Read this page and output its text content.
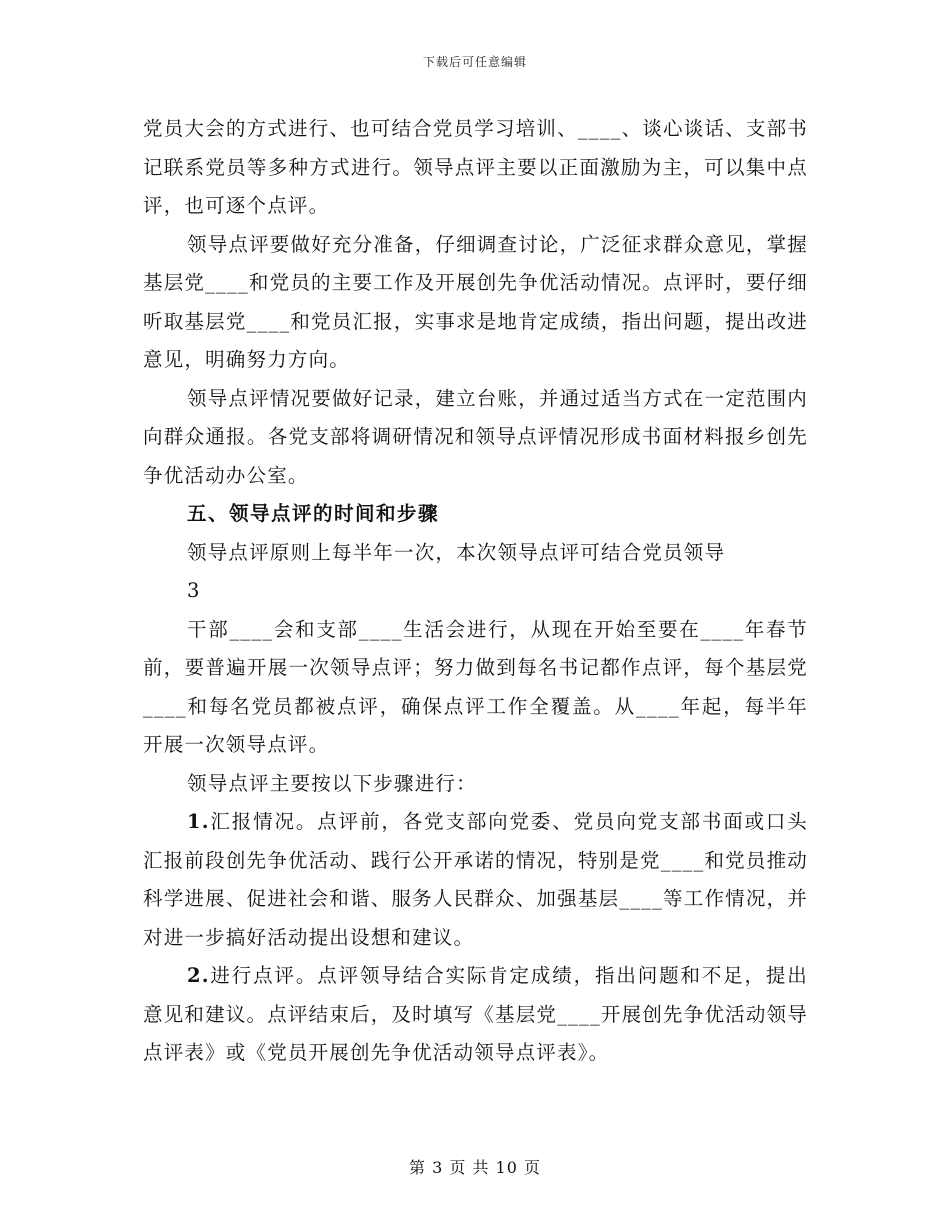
下载后可任意编辑

党员大会的方式进行、也可结合党员学习培训、____、谈心谈话、支部书记联系党员等多种方式进行。领导点评主要以正面激励为主，可以集中点评，也可逐个点评。

领导点评要做好充分准备，仔细调查讨论，广泛征求群众意见，掌握基层党____和党员的主要工作及开展创先争优活动情况。点评时，要仔细听取基层党____和党员汇报，实事求是地肯定成绩，指出问题，提出改进意见，明确努力方向。

领导点评情况要做好记录，建立台账，并通过适当方式在一定范围内向群众通报。各党支部将调研情况和领导点评情况形成书面材料报乡创先争优活动办公室。

五、领导点评的时间和步骤

领导点评原则上每半年一次，本次领导点评可结合党员领导

3

干部____会和支部____生活会进行，从现在开始至要在____年春节前，要普遍开展一次领导点评；努力做到每名书记都作点评，每个基层党____和每名党员都被点评，确保点评工作全覆盖。从____年起，每半年开展一次领导点评。

领导点评主要按以下步骤进行：

1.汇报情况。点评前，各党支部向党委、党员向党支部书面或口头汇报前段创先争优活动、践行公开承诺的情况，特别是党____和党员推动科学进展、促进社会和谐、服务人民群众、加强基层____等工作情况，并对进一步搞好活动提出设想和建议。

2.进行点评。点评领导结合实际肯定成绩，指出问题和不足，提出意见和建议。点评结束后，及时填写《基层党____开展创先争优活动领导点评表》或《党员开展创先争优活动领导点评表》。

第 3 页 共 10 页
